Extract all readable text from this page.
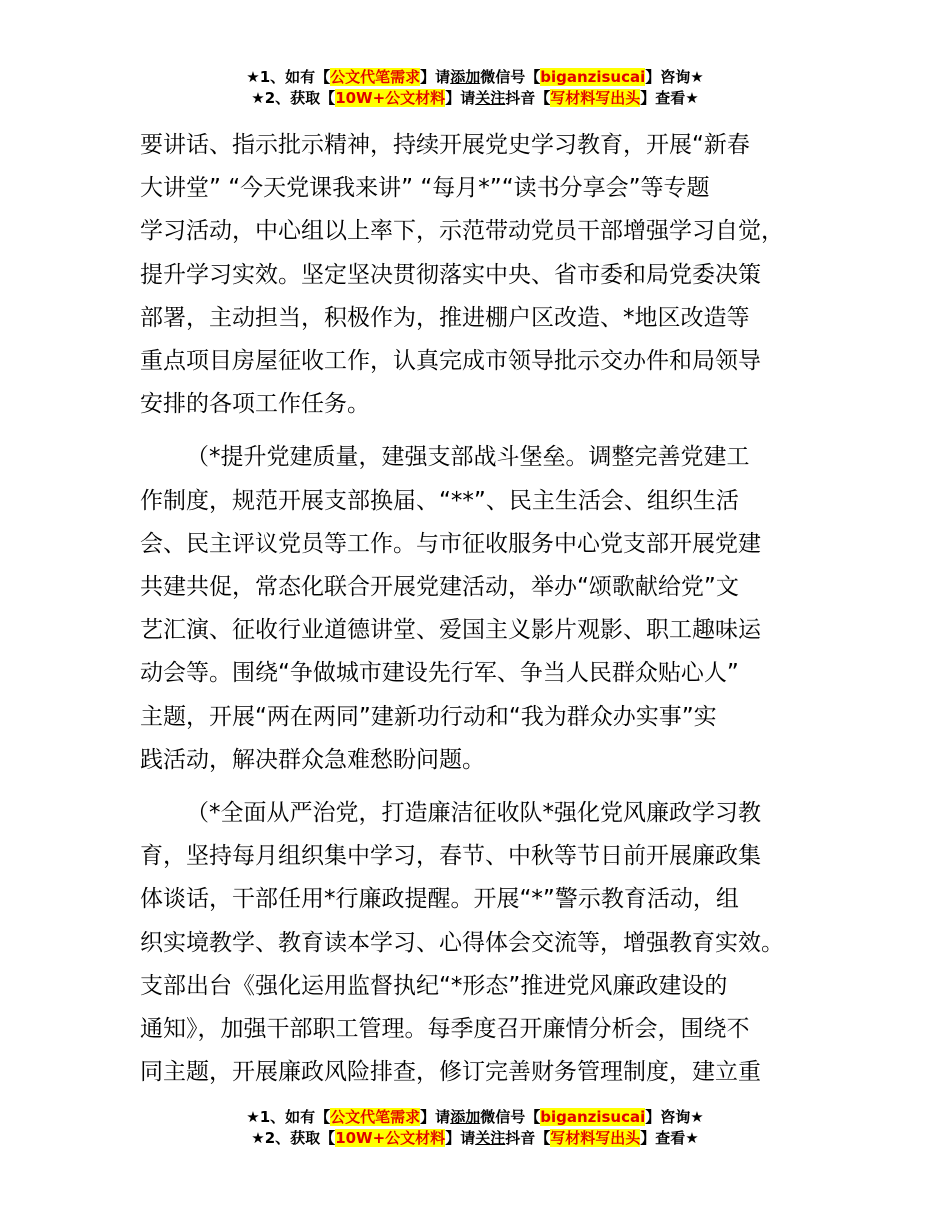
★1、如有【公文代笔需求】请添加微信号【biganzisucai】咨询★
★2、获取【10W+公文材料】请关注抖音【写材料写出头】查看★

要讲话、指示批示精神，持续开展党史学习教育，开展“新春

大讲堂” “今天党课我来讲” “每月*”“读书分享会”等专题

学习活动，中心组以上率下，示范带动党员干部增强学习自觉，

提升学习实效。坚定坚决贯彻落实中央、省市委和局党委决策

部署，主动担当，积极作为，推进棚户区改造、*地区改造等

重点项目房屋征收工作，认真完成市领导批示交办件和局领导

安排的各项工作任务。

（*提升党建质量，建强支部战斗堡垒。调整完善党建工

作制度，规范开展支部换届、“**”、民主生活会、组织生活

会、民主评议党员等工作。与市征收服务中心党支部开展党建

共建共促，常态化联合开展党建活动，举办“颂歌献给党”文

艺汇演、征收行业道德讲堂、爱国主义影片观影、职工趣味运

动会等。围绕“争做城市建设先行军、争当人民群众贴心人”

主题，开展“两在两同”建新功行动和“我为群众办实事”实

践活动，解决群众急难愁盼问题。

（*全面从严治党，打造廉洁征收队*强化党风廉政学习教

育，坚持每月组织集中学习，春节、中秋等节日前开展廉政集

体谈话，干部任用*行廉政提醒。开展“*”警示教育活动，组

织实境教学、教育读本学习、心得体会交流等，增强教育实效。

支部出台《强化运用监督执纪“*形态”推进党风廉政建设的

通知》，加强干部职工管理。每季度召开廉情分析会，围绕不

同主题，开展廉政风险排查，修订完善财务管理制度，建立重

★1、如有【公文代笔需求】请添加微信号【biganzisucai】咨询★
★2、获取【10W+公文材料】请关注抖音【写材料写出头】查看★
